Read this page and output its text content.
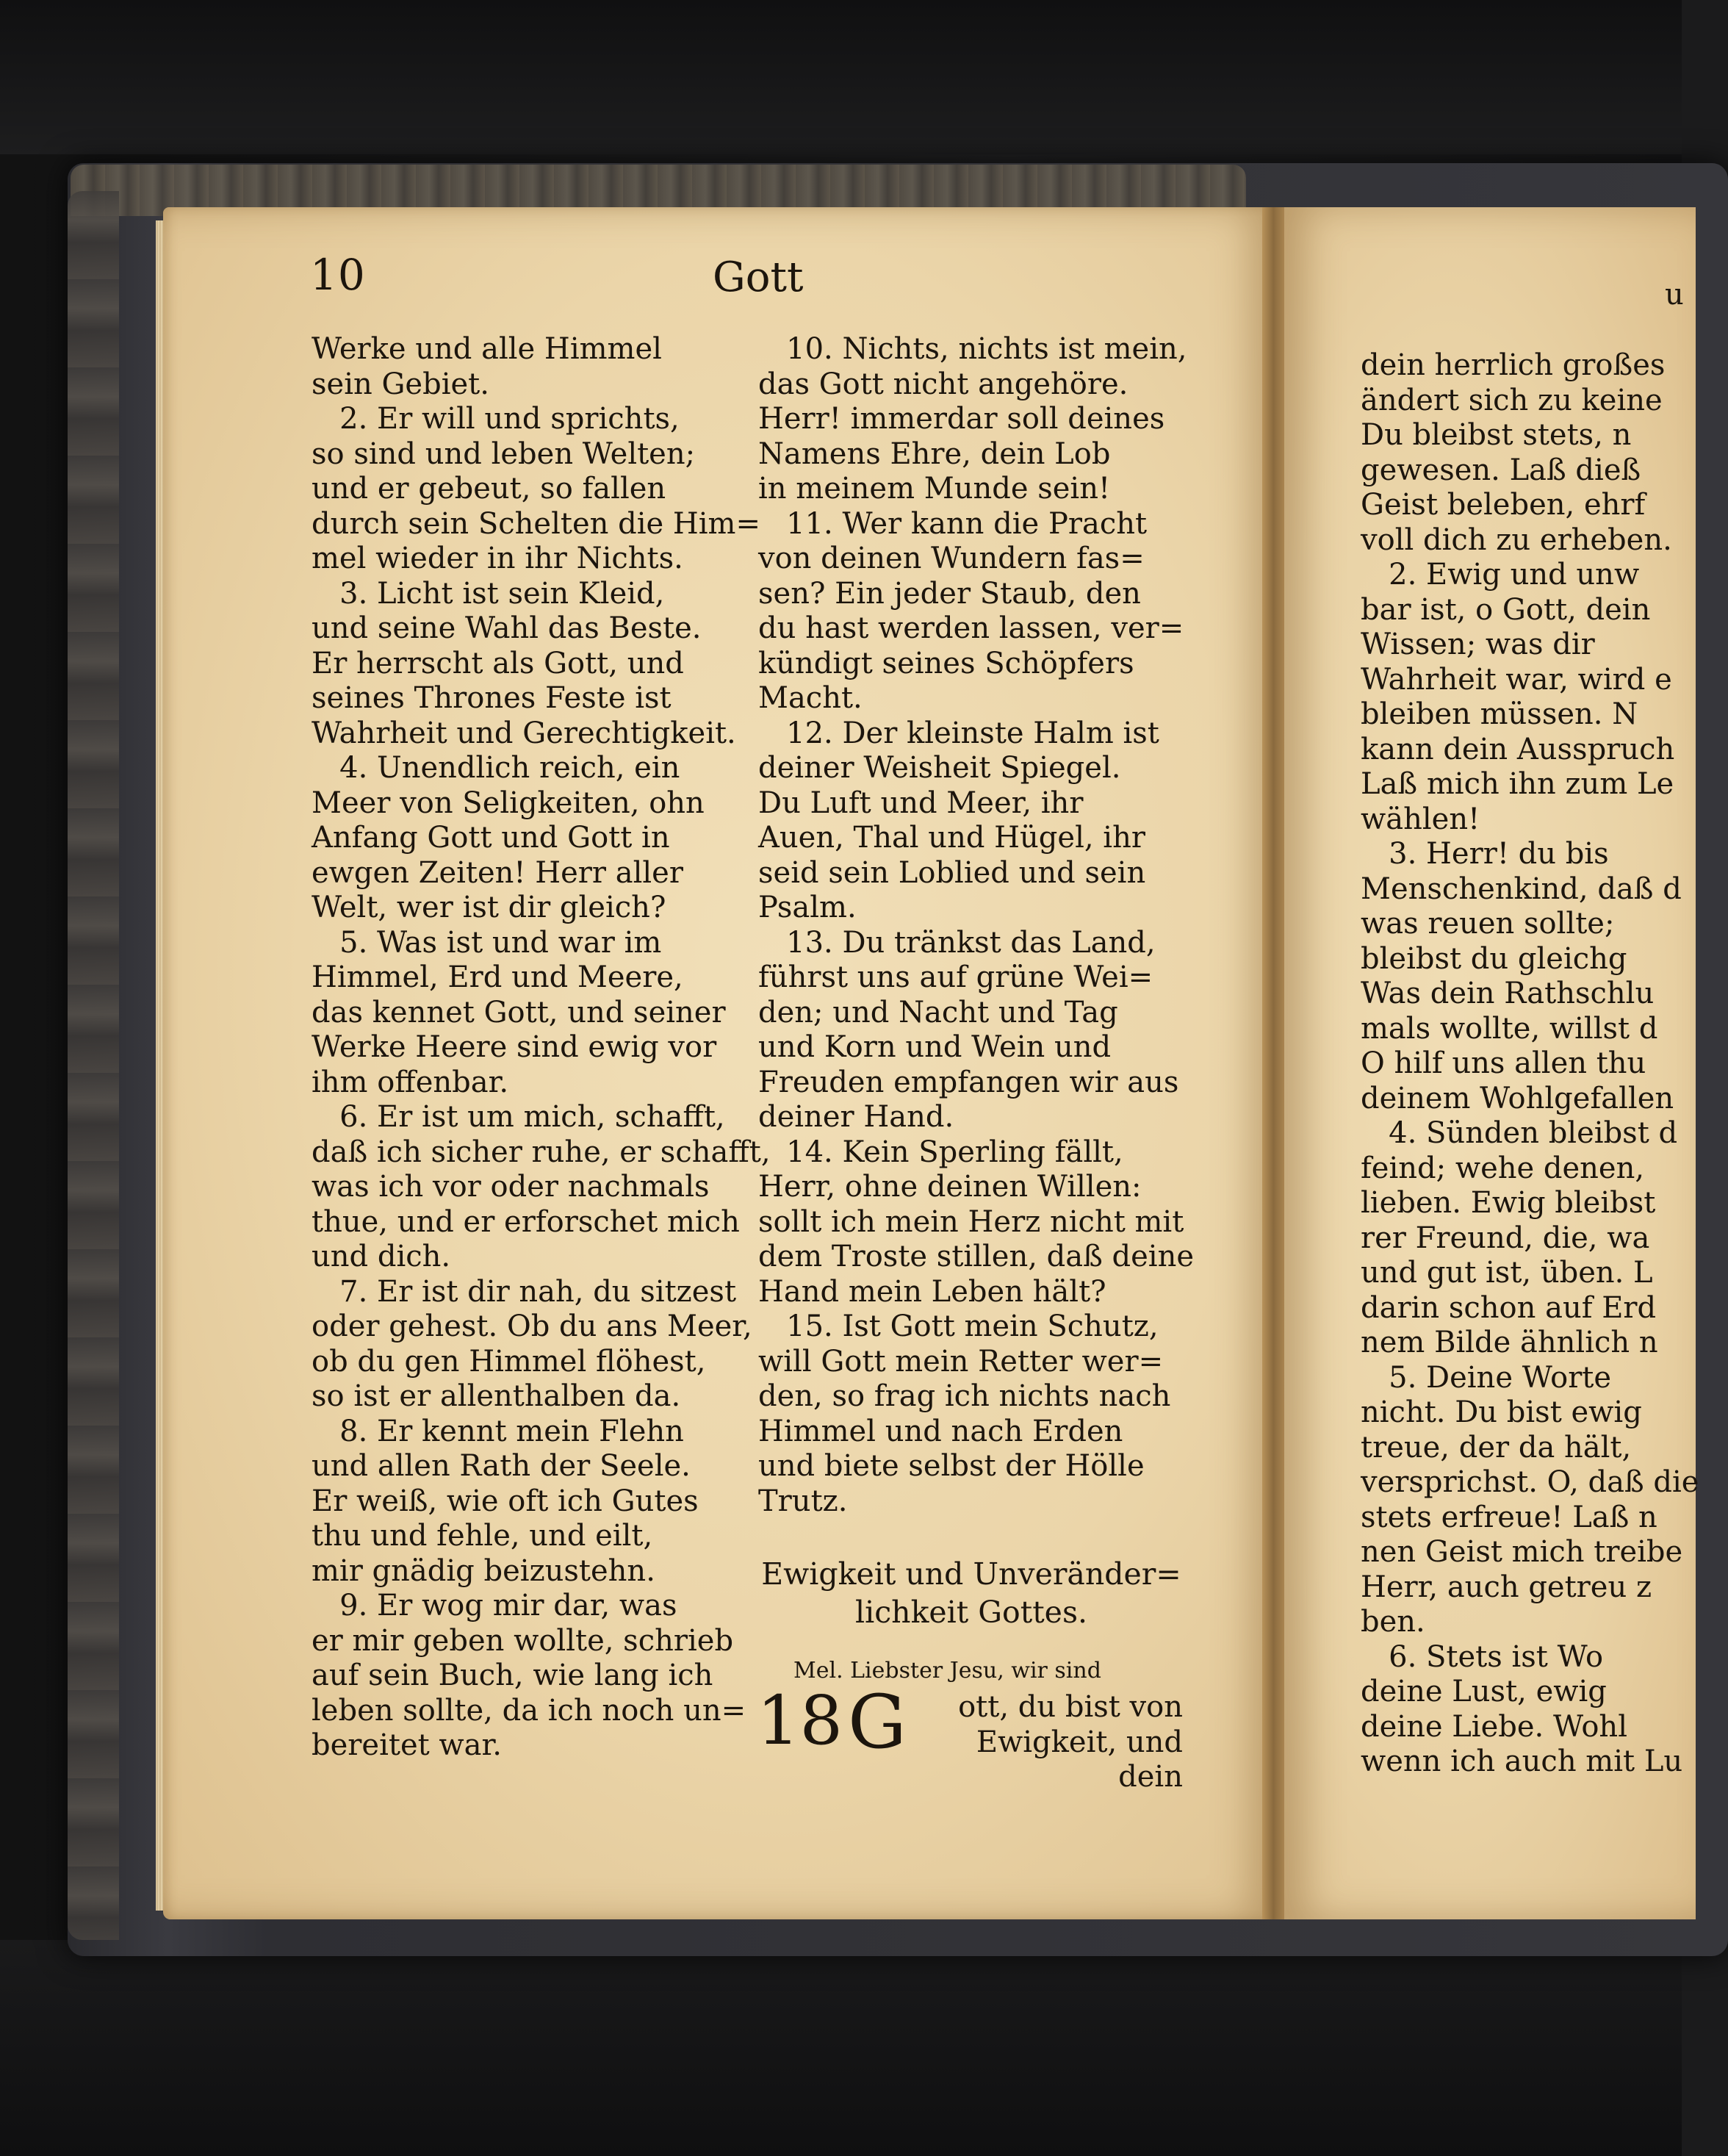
10	Gott
Werke und alle Himmel
sein Gebiet.
2. Er will und sprichts,
so sind und leben Welten;
und er gebeut, so fallen
durch sein Schelten die Him=
mel wieder in ihr Nichts.
3. Licht ist sein Kleid,
und seine Wahl das Beste.
Er herrscht als Gott, und
seines Thrones Feste ist
Wahrheit und Gerechtigkeit.
4. Unendlich reich, ein
Meer von Seligkeiten, ohn
Anfang Gott und Gott in
ewgen Zeiten! Herr aller
Welt, wer ist dir gleich?
5. Was ist und war im
Himmel, Erd und Meere,
das kennet Gott, und seiner
Werke Heere sind ewig vor
ihm offenbar.
6. Er ist um mich, schafft,
daß ich sicher ruhe, er schafft,
was ich vor oder nachmals
thue, und er erforschet mich
und dich.
7. Er ist dir nah, du sitzest
oder gehest. Ob du ans Meer,
ob du gen Himmel flöhest,
so ist er allenthalben da.
8. Er kennt mein Flehn
und allen Rath der Seele.
Er weiß, wie oft ich Gutes
thu und fehle, und eilt,
mir gnädig beizustehn.
9. Er wog mir dar, was
er mir geben wollte, schrieb
auf sein Buch, wie lang ich
leben sollte, da ich noch un=
bereitet war.
10. Nichts, nichts ist mein,
das Gott nicht angehöre.
Herr! immerdar soll deines
Namens Ehre, dein Lob
in meinem Munde sein!
11. Wer kann die Pracht
von deinen Wundern fas=
sen? Ein jeder Staub, den
du hast werden lassen, ver=
kündigt seines Schöpfers
Macht.
12. Der kleinste Halm ist
deiner Weisheit Spiegel.
Du Luft und Meer, ihr
Auen, Thal und Hügel, ihr
seid sein Loblied und sein
Psalm.
13. Du tränkst das Land,
führst uns auf grüne Wei=
den; und Nacht und Tag
und Korn und Wein und
Freuden empfangen wir aus
deiner Hand.
14. Kein Sperling fällt,
Herr, ohne deinen Willen:
sollt ich mein Herz nicht mit
dem Troste stillen, daß deine
Hand mein Leben hält?
15. Ist Gott mein Schutz,
will Gott mein Retter wer=
den, so frag ich nichts nach
Himmel und nach Erden
und biete selbst der Hölle
Trutz.
Ewigkeit und Unveränder=
lichkeit Gottes.
Mel. Liebster Jesu, wir sind
18 G	ott, du bist von
Ewigkeit, und
dein
u
dein herrlich großes
ändert sich zu keine
Du bleibst stets, n
gewesen. Laß dieß
Geist beleben, ehrf
voll dich zu erheben.
2. Ewig und unw
bar ist, o Gott, dein
Wissen; was dir
Wahrheit war, wird e
bleiben müssen. N
kann dein Ausspruch
Laß mich ihn zum Le
wählen!
3. Herr! du bis
Menschenkind, daß d
was reuen sollte;
bleibst du gleichg
Was dein Rathschlu
mals wollte, willst d
O hilf uns allen thu
deinem Wohlgefallen
4. Sünden bleibst d
feind; wehe denen,
lieben. Ewig bleibst
rer Freund, die, wa
und gut ist, üben. L
darin schon auf Erd
nem Bilde ähnlich n
5. Deine Worte
nicht. Du bist ewig
treue, der da hält,
versprichst. O, daß die
stets erfreue! Laß n
nen Geist mich treibe
Herr, auch getreu z
ben.
6. Stets ist Wo
deine Lust, ewig
deine Liebe. Wohl
wenn ich auch mit Lu
